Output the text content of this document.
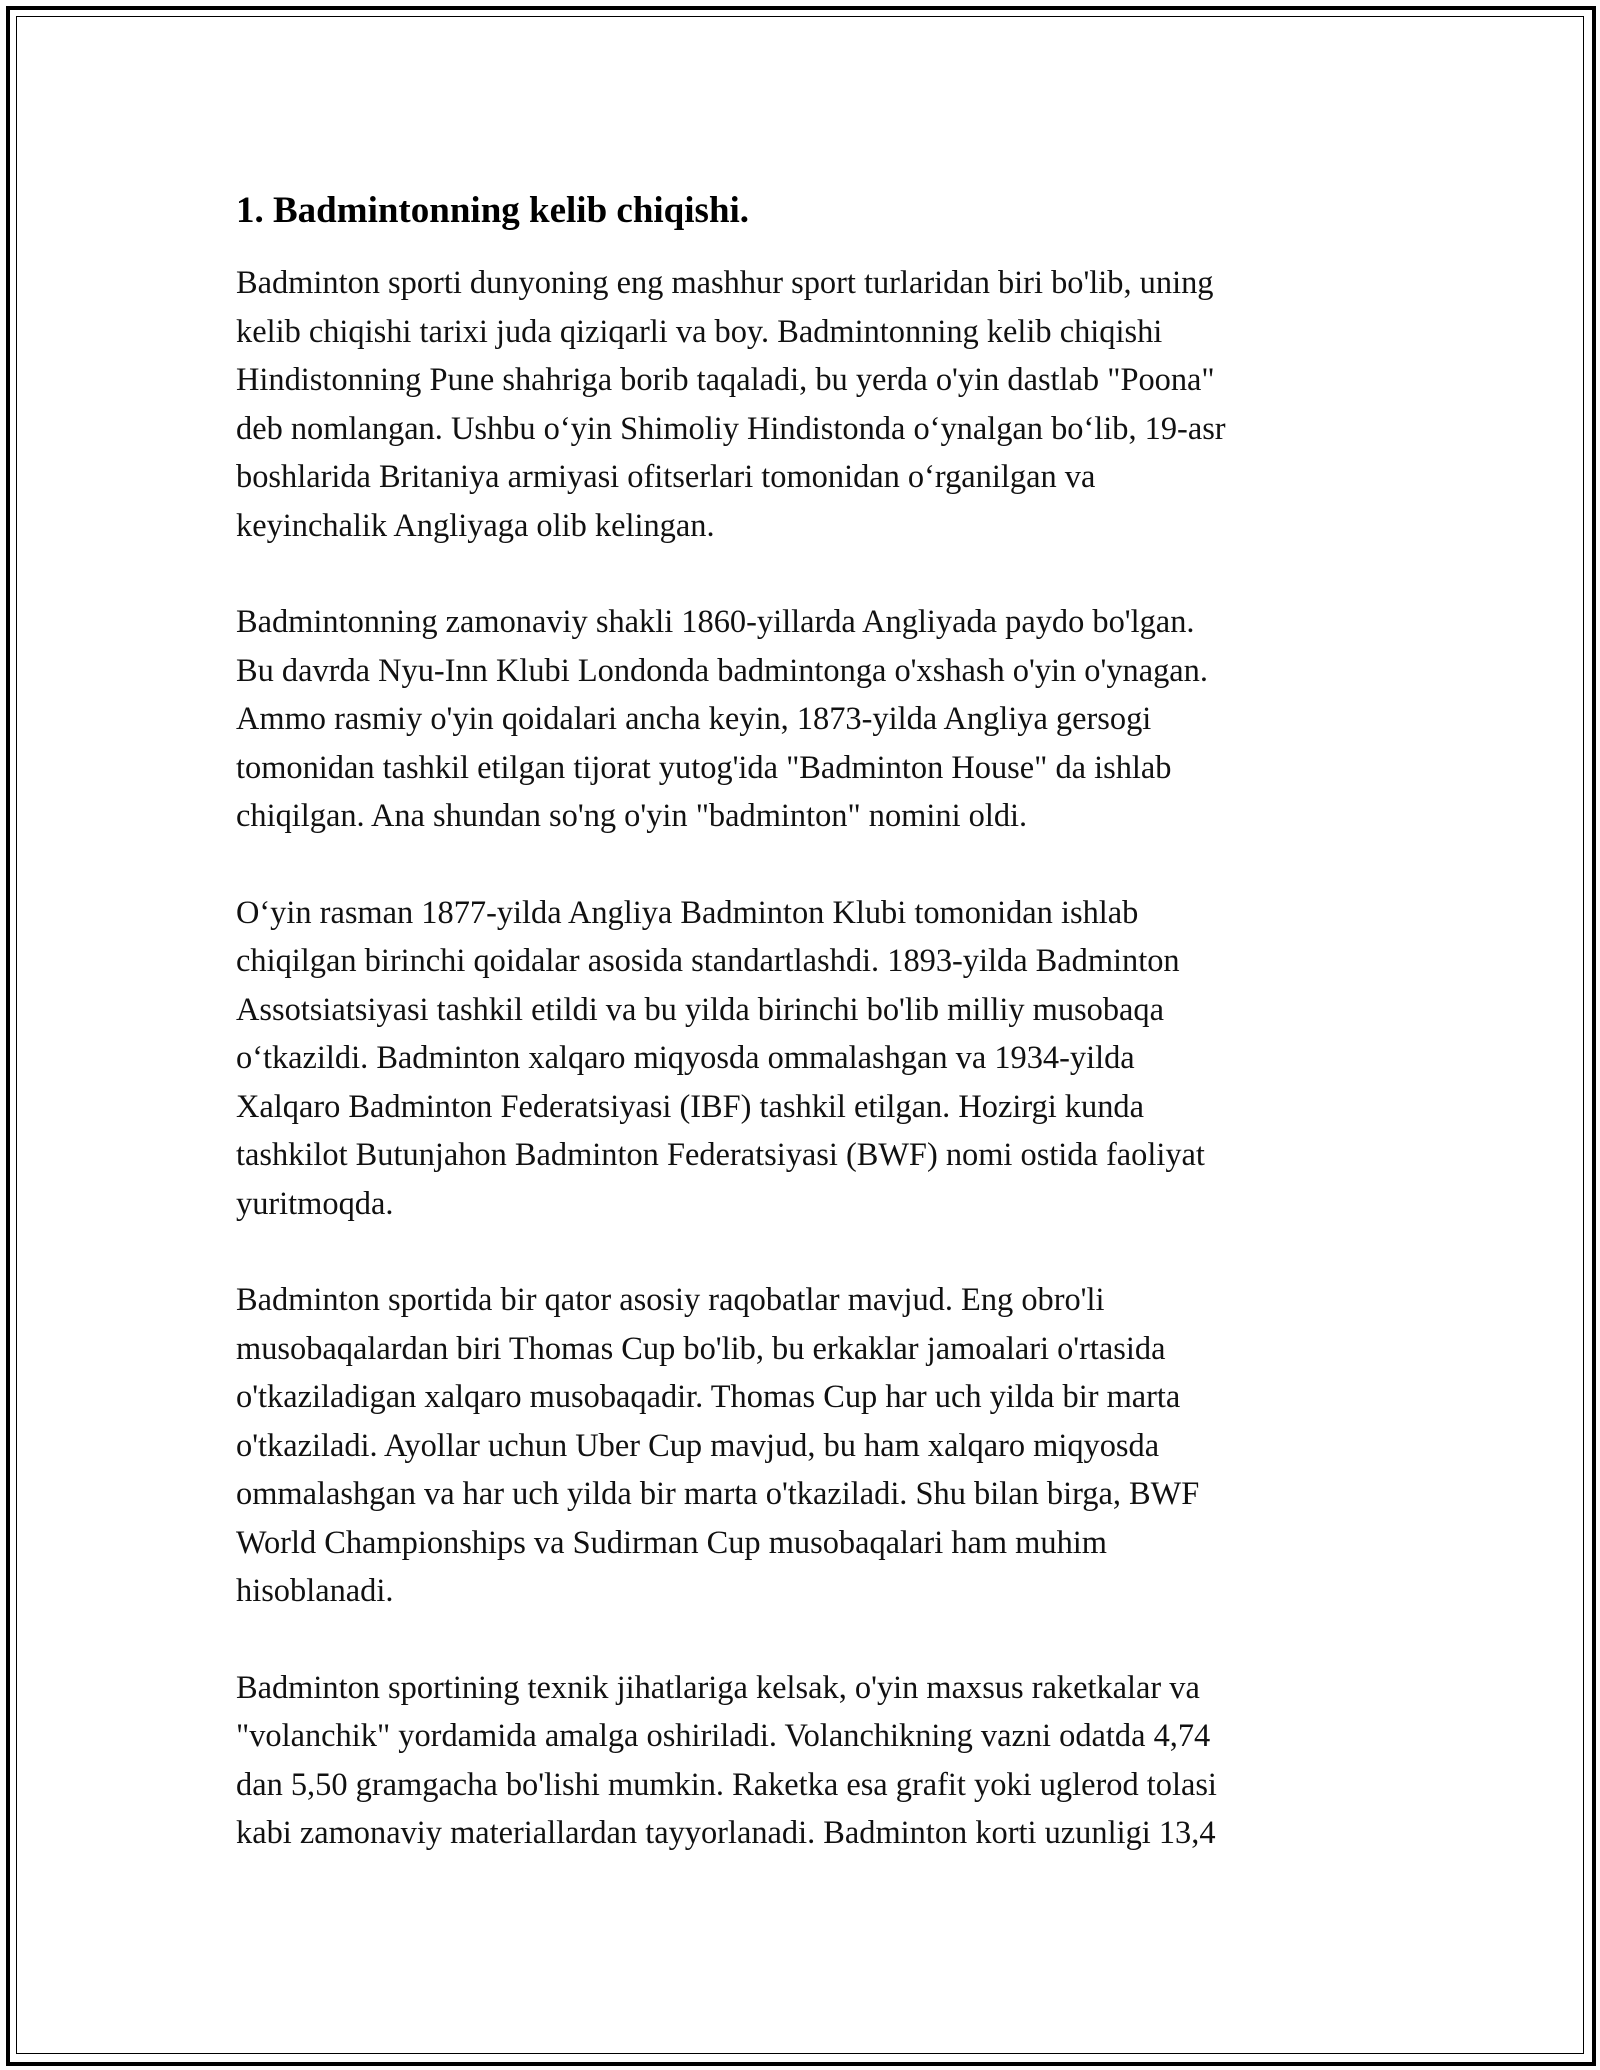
1. Badmintonning kelib chiqishi.

Badminton sporti dunyoning eng mashhur sport turlaridan biri bo'lib, uning
kelib chiqishi tarixi juda qiziqarli va boy. Badmintonning kelib chiqishi
Hindistonning Pune shahriga borib taqaladi, bu yerda o'yin dastlab "Poona"
deb nomlangan. Ushbu o‘yin Shimoliy Hindistonda o‘ynalgan bo‘lib, 19-asr
boshlarida Britaniya armiyasi ofitserlari tomonidan o‘rganilgan va
keyinchalik Angliyaga olib kelingan.

Badmintonning zamonaviy shakli 1860-yillarda Angliyada paydo bo'lgan.
Bu davrda Nyu-Inn Klubi Londonda badmintonga o'xshash o'yin o'ynagan.
Ammo rasmiy o'yin qoidalari ancha keyin, 1873-yilda Angliya gersogi
tomonidan tashkil etilgan tijorat yutog'ida "Badminton House" da ishlab
chiqilgan. Ana shundan so'ng o'yin "badminton" nomini oldi.

O‘yin rasman 1877-yilda Angliya Badminton Klubi tomonidan ishlab
chiqilgan birinchi qoidalar asosida standartlashdi. 1893-yilda Badminton
Assotsiatsiyasi tashkil etildi va bu yilda birinchi bo'lib milliy musobaqa
o‘tkazildi. Badminton xalqaro miqyosda ommalashgan va 1934-yilda
Xalqaro Badminton Federatsiyasi (IBF) tashkil etilgan. Hozirgi kunda
tashkilot Butunjahon Badminton Federatsiyasi (BWF) nomi ostida faoliyat
yuritmoqda.

Badminton sportida bir qator asosiy raqobatlar mavjud. Eng obro'li
musobaqalardan biri Thomas Cup bo'lib, bu erkaklar jamoalari o'rtasida
o'tkaziladigan xalqaro musobaqadir. Thomas Cup har uch yilda bir marta
o'tkaziladi. Ayollar uchun Uber Cup mavjud, bu ham xalqaro miqyosda
ommalashgan va har uch yilda bir marta o'tkaziladi. Shu bilan birga, BWF
World Championships va Sudirman Cup musobaqalari ham muhim
hisoblanadi.

Badminton sportining texnik jihatlariga kelsak, o'yin maxsus raketkalar va
"volanchik" yordamida amalga oshiriladi. Volanchikning vazni odatda 4,74
dan 5,50 gramgacha bo'lishi mumkin. Raketka esa grafit yoki uglerod tolasi
kabi zamonaviy materiallardan tayyorlanadi. Badminton korti uzunligi 13,4
